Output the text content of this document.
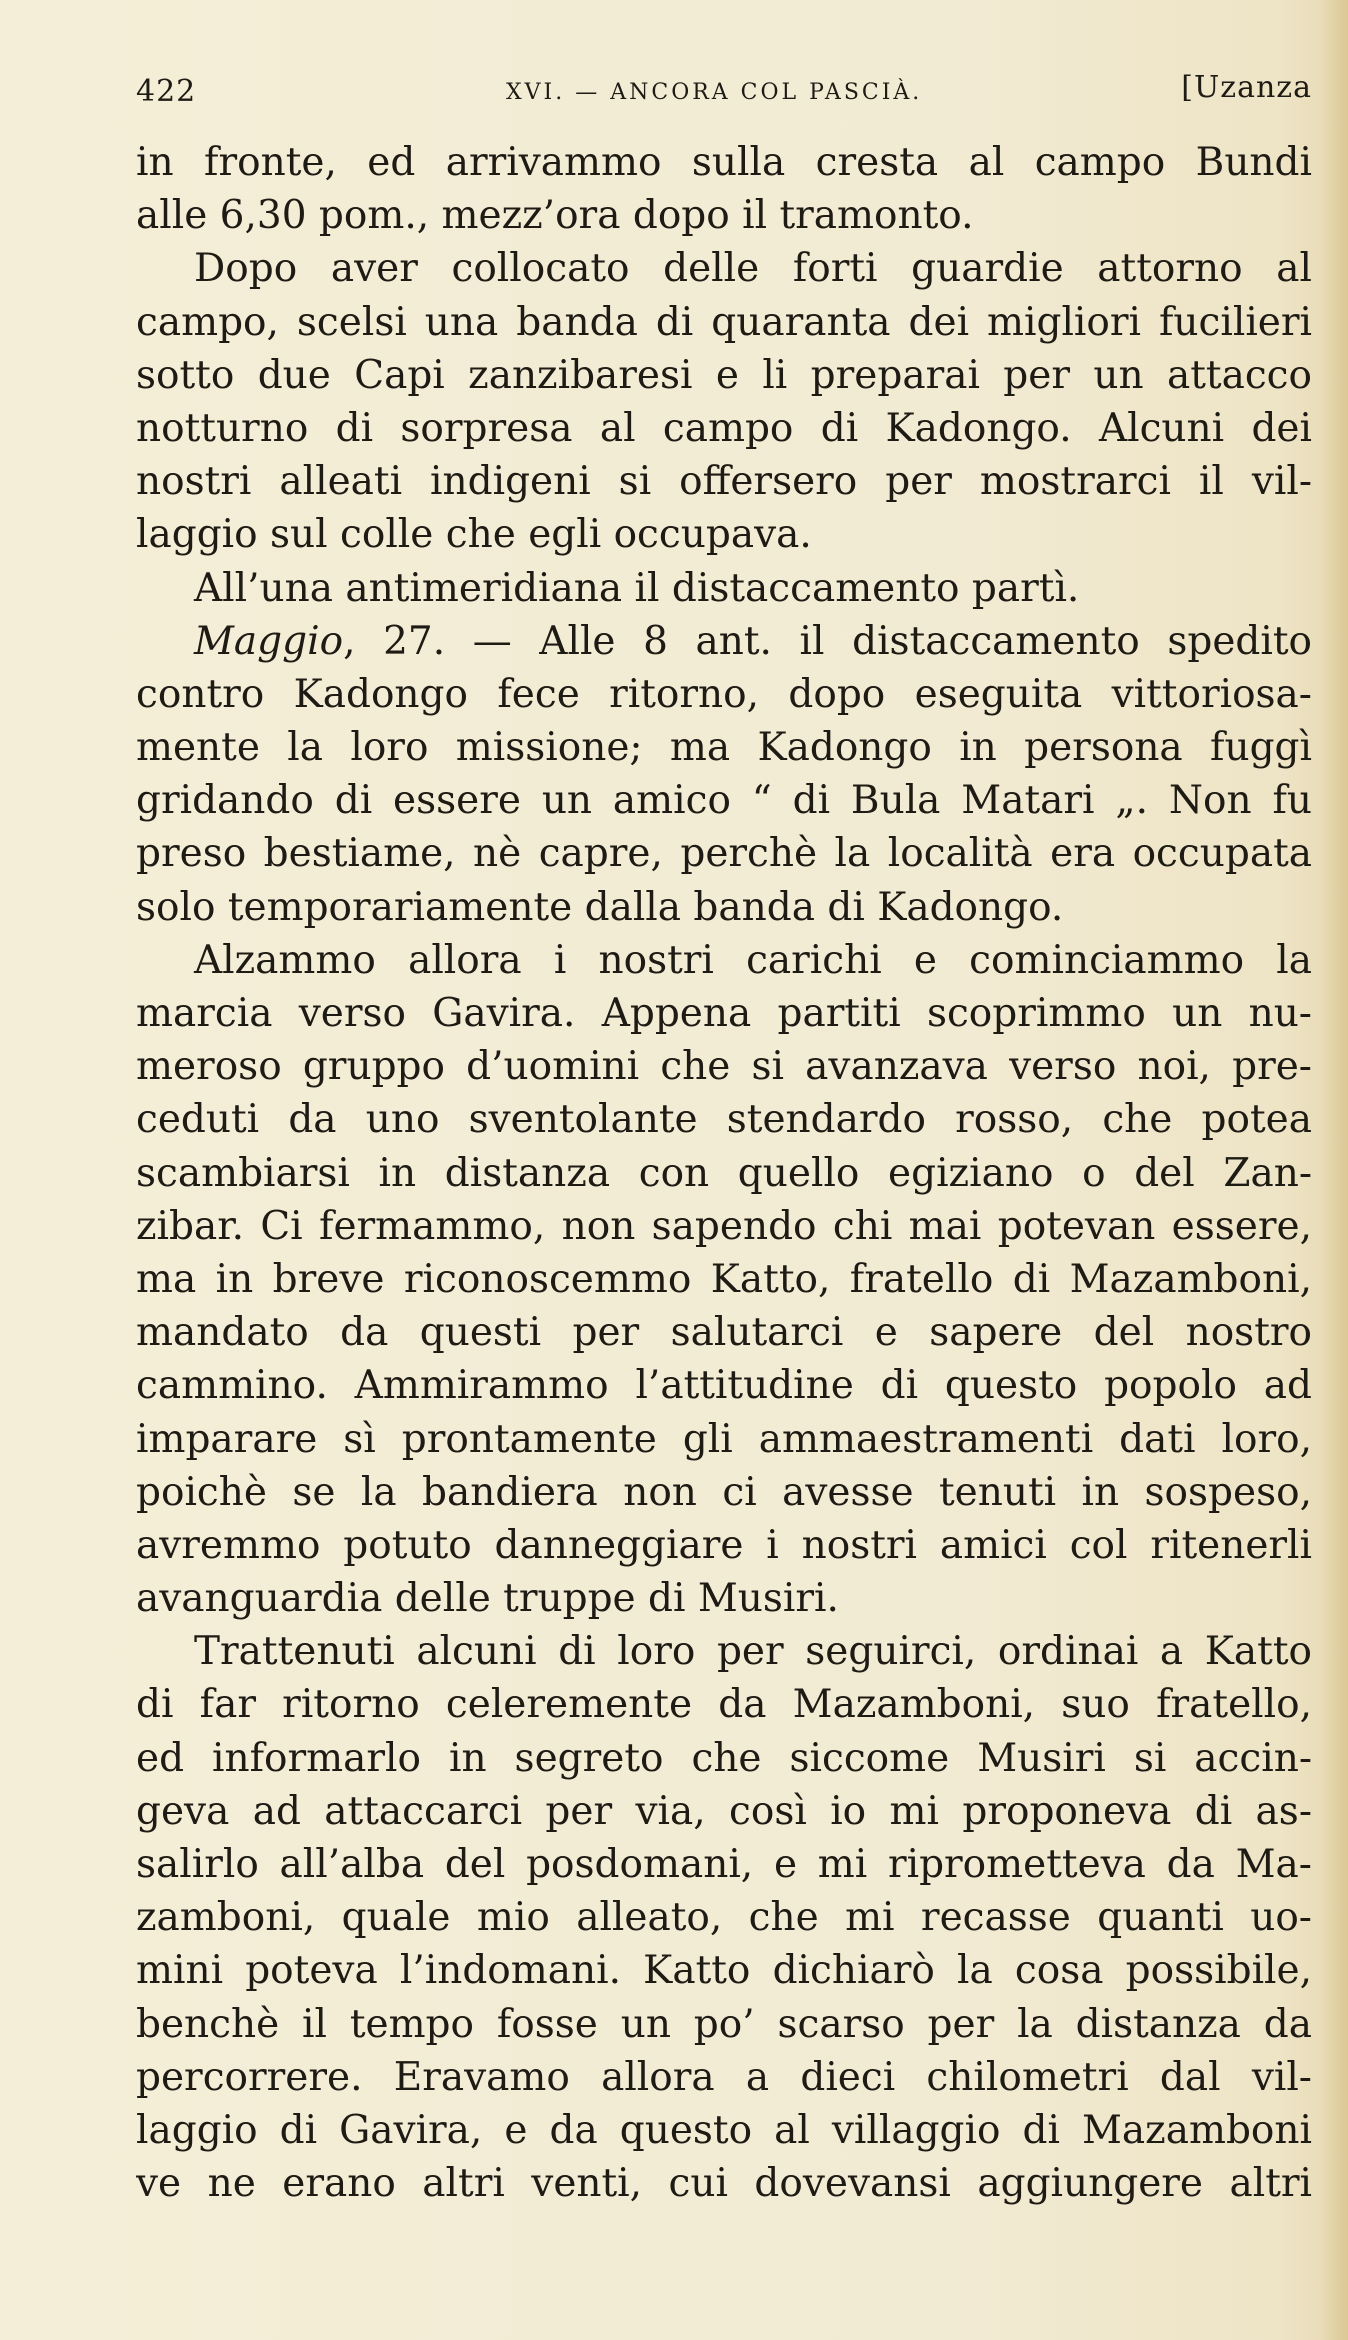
422	XVI. — ANCORA COL PASCIÀ.	[Uzanza
in fronte, ed arrivammo sulla cresta al campo Bundi
alle 6,30 pom., mezz’ora dopo il tramonto.
Dopo aver collocato delle forti guardie attorno al
campo, scelsi una banda di quaranta dei migliori fucilieri
sotto due Capi zanzibaresi e li preparai per un attacco
notturno di sorpresa al campo di Kadongo. Alcuni dei
nostri alleati indigeni si offersero per mostrarci il vil-
laggio sul colle che egli occupava.
All’una antimeridiana il distaccamento partì.
Maggio, 27. — Alle 8 ant. il distaccamento spedito
contro Kadongo fece ritorno, dopo eseguita vittoriosa-
mente la loro missione; ma Kadongo in persona fuggì
gridando di essere un amico “ di Bula Matari „. Non fu
preso bestiame, nè capre, perchè la località era occupata
solo temporariamente dalla banda di Kadongo.
Alzammo allora i nostri carichi e cominciammo la
marcia verso Gavira. Appena partiti scoprimmo un nu-
meroso gruppo d’uomini che si avanzava verso noi, pre-
ceduti da uno sventolante stendardo rosso, che potea
scambiarsi in distanza con quello egiziano o del Zan-
zibar. Ci fermammo, non sapendo chi mai potevan essere,
ma in breve riconoscemmo Katto, fratello di Mazamboni,
mandato da questi per salutarci e sapere del nostro
cammino. Ammirammo l’attitudine di questo popolo ad
imparare sì prontamente gli ammaestramenti dati loro,
poichè se la bandiera non ci avesse tenuti in sospeso,
avremmo potuto danneggiare i nostri amici col ritenerli
avanguardia delle truppe di Musiri.
Trattenuti alcuni di loro per seguirci, ordinai a Katto
di far ritorno celeremente da Mazamboni, suo fratello,
ed informarlo in segreto che siccome Musiri si accin-
geva ad attaccarci per via, così io mi proponeva di as-
salirlo all’alba del posdomani, e mi riprometteva da Ma-
zamboni, quale mio alleato, che mi recasse quanti uo-
mini poteva l’indomani. Katto dichiarò la cosa possibile,
benchè il tempo fosse un po’ scarso per la distanza da
percorrere. Eravamo allora a dieci chilometri dal vil-
laggio di Gavira, e da questo al villaggio di Mazamboni
ve ne erano altri venti, cui dovevansi aggiungere altri
